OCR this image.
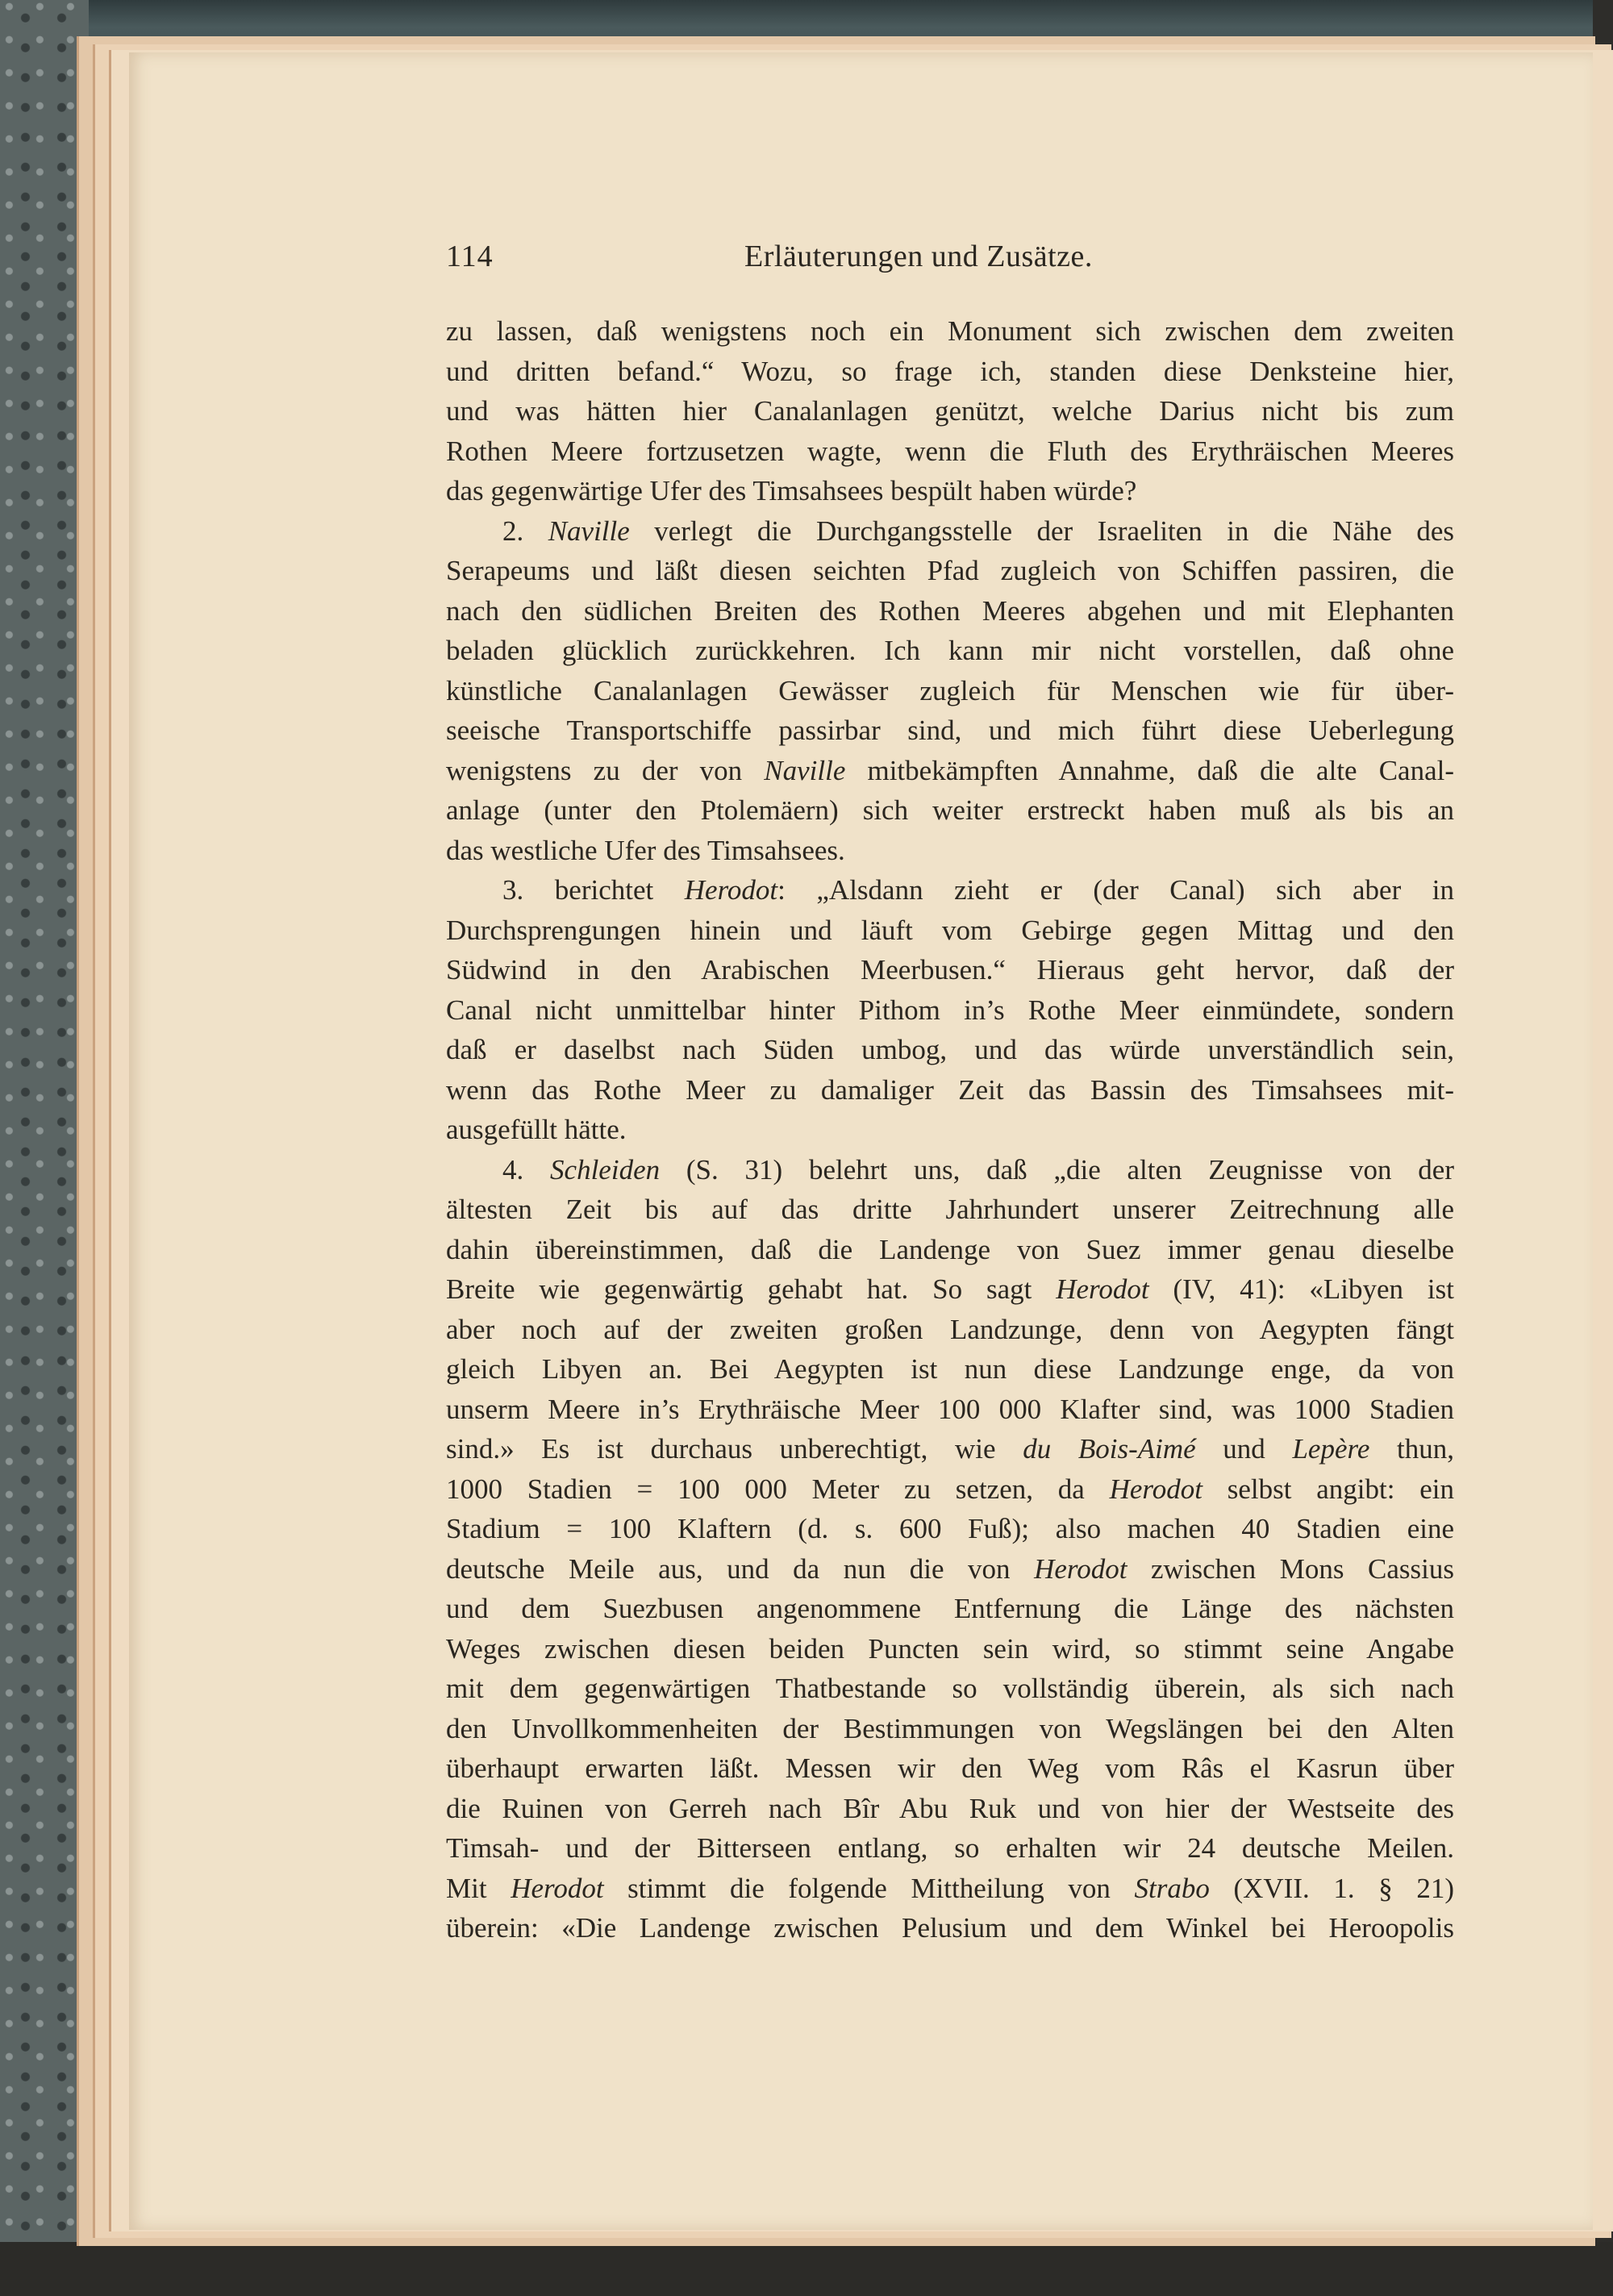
114	Erläuterungen und Zusätze.
zu lassen, daß wenigstens noch ein Monument sich zwischen dem zweiten
und dritten befand.“ Wozu, so frage ich, standen diese Denksteine hier,
und was hätten hier Canalanlagen genützt, welche Darius nicht bis zum
Rothen Meere fortzusetzen wagte, wenn die Fluth des Erythräischen Meeres
das gegenwärtige Ufer des Timsahsees bespült haben würde?
2. Naville verlegt die Durchgangsstelle der Israeliten in die Nähe des
Serapeums und läßt diesen seichten Pfad zugleich von Schiffen passiren, die
nach den südlichen Breiten des Rothen Meeres abgehen und mit Elephanten
beladen glücklich zurückkehren. Ich kann mir nicht vorstellen, daß ohne
künstliche Canalanlagen Gewässer zugleich für Menschen wie für über-
seeische Transportschiffe passirbar sind, und mich führt diese Ueberlegung
wenigstens zu der von Naville mitbekämpften Annahme, daß die alte Canal-
anlage (unter den Ptolemäern) sich weiter erstreckt haben muß als bis an
das westliche Ufer des Timsahsees.
3. berichtet Herodot: „Alsdann zieht er (der Canal) sich aber in
Durchsprengungen hinein und läuft vom Gebirge gegen Mittag und den
Südwind in den Arabischen Meerbusen.“ Hieraus geht hervor, daß der
Canal nicht unmittelbar hinter Pithom in’s Rothe Meer einmündete, sondern
daß er daselbst nach Süden umbog, und das würde unverständlich sein,
wenn das Rothe Meer zu damaliger Zeit das Bassin des Timsahsees mit-
ausgefüllt hätte.
4. Schleiden (S. 31) belehrt uns, daß „die alten Zeugnisse von der
ältesten Zeit bis auf das dritte Jahrhundert unserer Zeitrechnung alle
dahin übereinstimmen, daß die Landenge von Suez immer genau dieselbe
Breite wie gegenwärtig gehabt hat. So sagt Herodot (IV, 41): «Libyen ist
aber noch auf der zweiten großen Landzunge, denn von Aegypten fängt
gleich Libyen an. Bei Aegypten ist nun diese Landzunge enge, da von
unserm Meere in’s Erythräische Meer 100 000 Klafter sind, was 1000 Stadien
sind.» Es ist durchaus unberechtigt, wie du Bois-Aimé und Lepère thun,
1000 Stadien = 100 000 Meter zu setzen, da Herodot selbst angibt: ein
Stadium = 100 Klaftern (d. s. 600 Fuß); also machen 40 Stadien eine
deutsche Meile aus, und da nun die von Herodot zwischen Mons Cassius
und dem Suezbusen angenommene Entfernung die Länge des nächsten
Weges zwischen diesen beiden Puncten sein wird, so stimmt seine Angabe
mit dem gegenwärtigen Thatbestande so vollständig überein, als sich nach
den Unvollkommenheiten der Bestimmungen von Wegslängen bei den Alten
überhaupt erwarten läßt. Messen wir den Weg vom Râs el Kasrun über
die Ruinen von Gerreh nach Bîr Abu Ruk und von hier der Westseite des
Timsah- und der Bitterseen entlang, so erhalten wir 24 deutsche Meilen.
Mit Herodot stimmt die folgende Mittheilung von Strabo (XVII. 1. § 21)
überein: «Die Landenge zwischen Pelusium und dem Winkel bei Heroopolis
